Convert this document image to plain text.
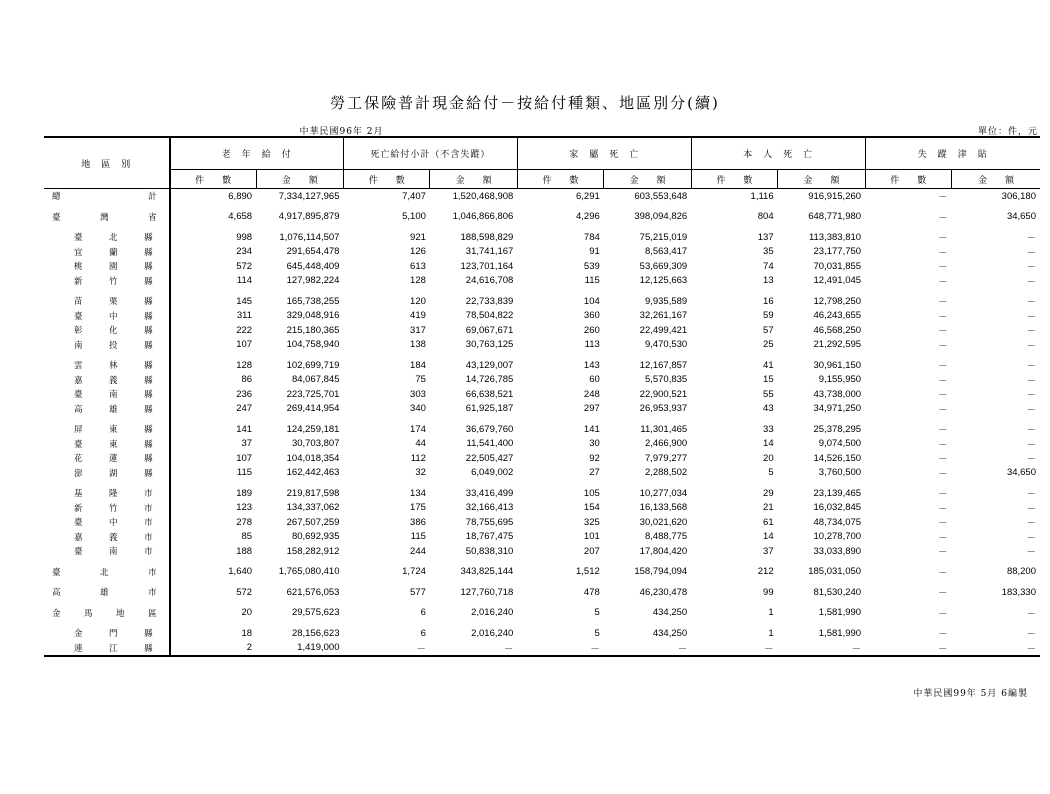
勞工保險普計現金給付－按給付種類、地區別分(續)
中華民國96年 2月	單位：件，元
地　區　別	老　年　給　付		死亡給付小計（不含失蹤）		家　屬　死　亡		本　人　死　亡		失　蹤　津　貼	
	件　　數	金　　額	件　　數	金　　額	件　　數	金　　額	件　　數	金　　額	件　　數	金　　額

總 計	6,890	7,334,127,965	7,407	1,520,468,908	6,291	603,553,648	1,116	916,915,260	－	306,180

臺 灣 省	4,658	4,917,895,879	5,100	1,046,866,806	4,296	398,094,826	804	648,771,980	－	34,650

臺 北 縣	998	1,076,114,507	921	188,598,829	784	75,215,019	137	113,383,810	－	－

宜 蘭 縣	234	291,654,478	126	31,741,167	91	8,563,417	35	23,177,750	－	－

桃 園 縣	572	645,448,409	613	123,701,164	539	53,669,309	74	70,031,855	－	－

新 竹 縣	114	127,982,224	128	24,616,708	115	12,125,663	13	12,491,045	－	－

苗 栗 縣	145	165,738,255	120	22,733,839	104	9,935,589	16	12,798,250	－	－

臺 中 縣	311	329,048,916	419	78,504,822	360	32,261,167	59	46,243,655	－	－

彰 化 縣	222	215,180,365	317	69,067,671	260	22,499,421	57	46,568,250	－	－

南 投 縣	107	104,758,940	138	30,763,125	113	9,470,530	25	21,292,595	－	－

雲 林 縣	128	102,699,719	184	43,129,007	143	12,167,857	41	30,961,150	－	－

嘉 義 縣	86	84,067,845	75	14,726,785	60	5,570,835	15	9,155,950	－	－

臺 南 縣	236	223,725,701	303	66,638,521	248	22,900,521	55	43,738,000	－	－

高 雄 縣	247	269,414,954	340	61,925,187	297	26,953,937	43	34,971,250	－	－

屏 東 縣	141	124,259,181	174	36,679,760	141	11,301,465	33	25,378,295	－	－

臺 東 縣	37	30,703,807	44	11,541,400	30	2,466,900	14	9,074,500	－	－

花 蓮 縣	107	104,018,354	112	22,505,427	92	7,979,277	20	14,526,150	－	－

澎 湖 縣	115	162,442,463	32	6,049,002	27	2,288,502	5	3,760,500	－	34,650

基 隆 市	189	219,817,598	134	33,416,499	105	10,277,034	29	23,139,465	－	－

新 竹 市	123	134,337,062	175	32,166,413	154	16,133,568	21	16,032,845	－	－

臺 中 市	278	267,507,259	386	78,755,695	325	30,021,620	61	48,734,075	－	－

嘉 義 市	85	80,692,935	115	18,767,475	101	8,488,775	14	10,278,700	－	－

臺 南 市	188	158,282,912	244	50,838,310	207	17,804,420	37	33,033,890	－	－

臺 北 市	1,640	1,765,080,410	1,724	343,825,144	1,512	158,794,094	212	185,031,050	－	88,200

高 雄 市	572	621,576,053	577	127,760,718	478	46,230,478	99	81,530,240	－	183,330

金 馬 地 區	20	29,575,623	6	2,016,240	5	434,250	1	1,581,990	－	－

金 門 縣	18	28,156,623	6	2,016,240	5	434,250	1	1,581,990	－	－

連 江 縣	2	1,419,000	－	－	－	－	－	－	－	－
中華民國99年 5月 6編製
